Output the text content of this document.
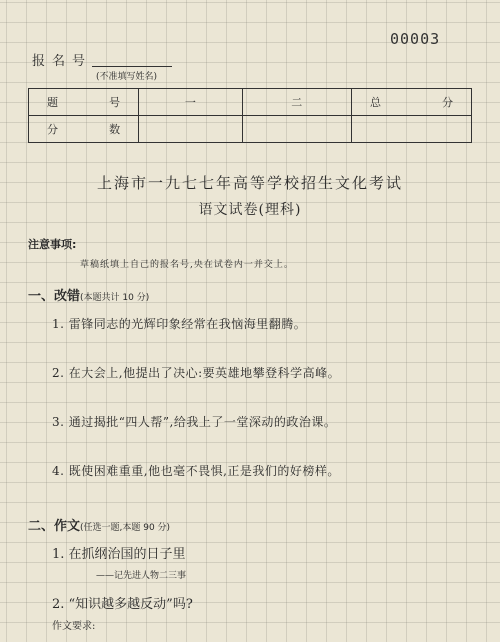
00003
报名号
(不准填写姓名)
题 号	一	二	总 分

分 数			

上海市一九七七年高等学校招生文化考试
语文试卷(理科)
注意事项:
草稿纸填上自己的报名号,央在试卷内一并交上。
一、改错(本题共计 10 分)
1. 雷锋同志的光辉印象经常在我恼海里翻腾。
2. 在大会上,他提出了决心:要英雄地攀登科学高峰。
3. 通过揭批“四人帮”,给我上了一堂深动的政治课。
4. 既使困难重重,他也毫不畏惧,正是我们的好榜样。
二、作文(任选一题,本题 90 分)
1. 在抓纲治国的日子里
——记先进人物二三事
2. “知识越多越反动”吗?
作文要求:
